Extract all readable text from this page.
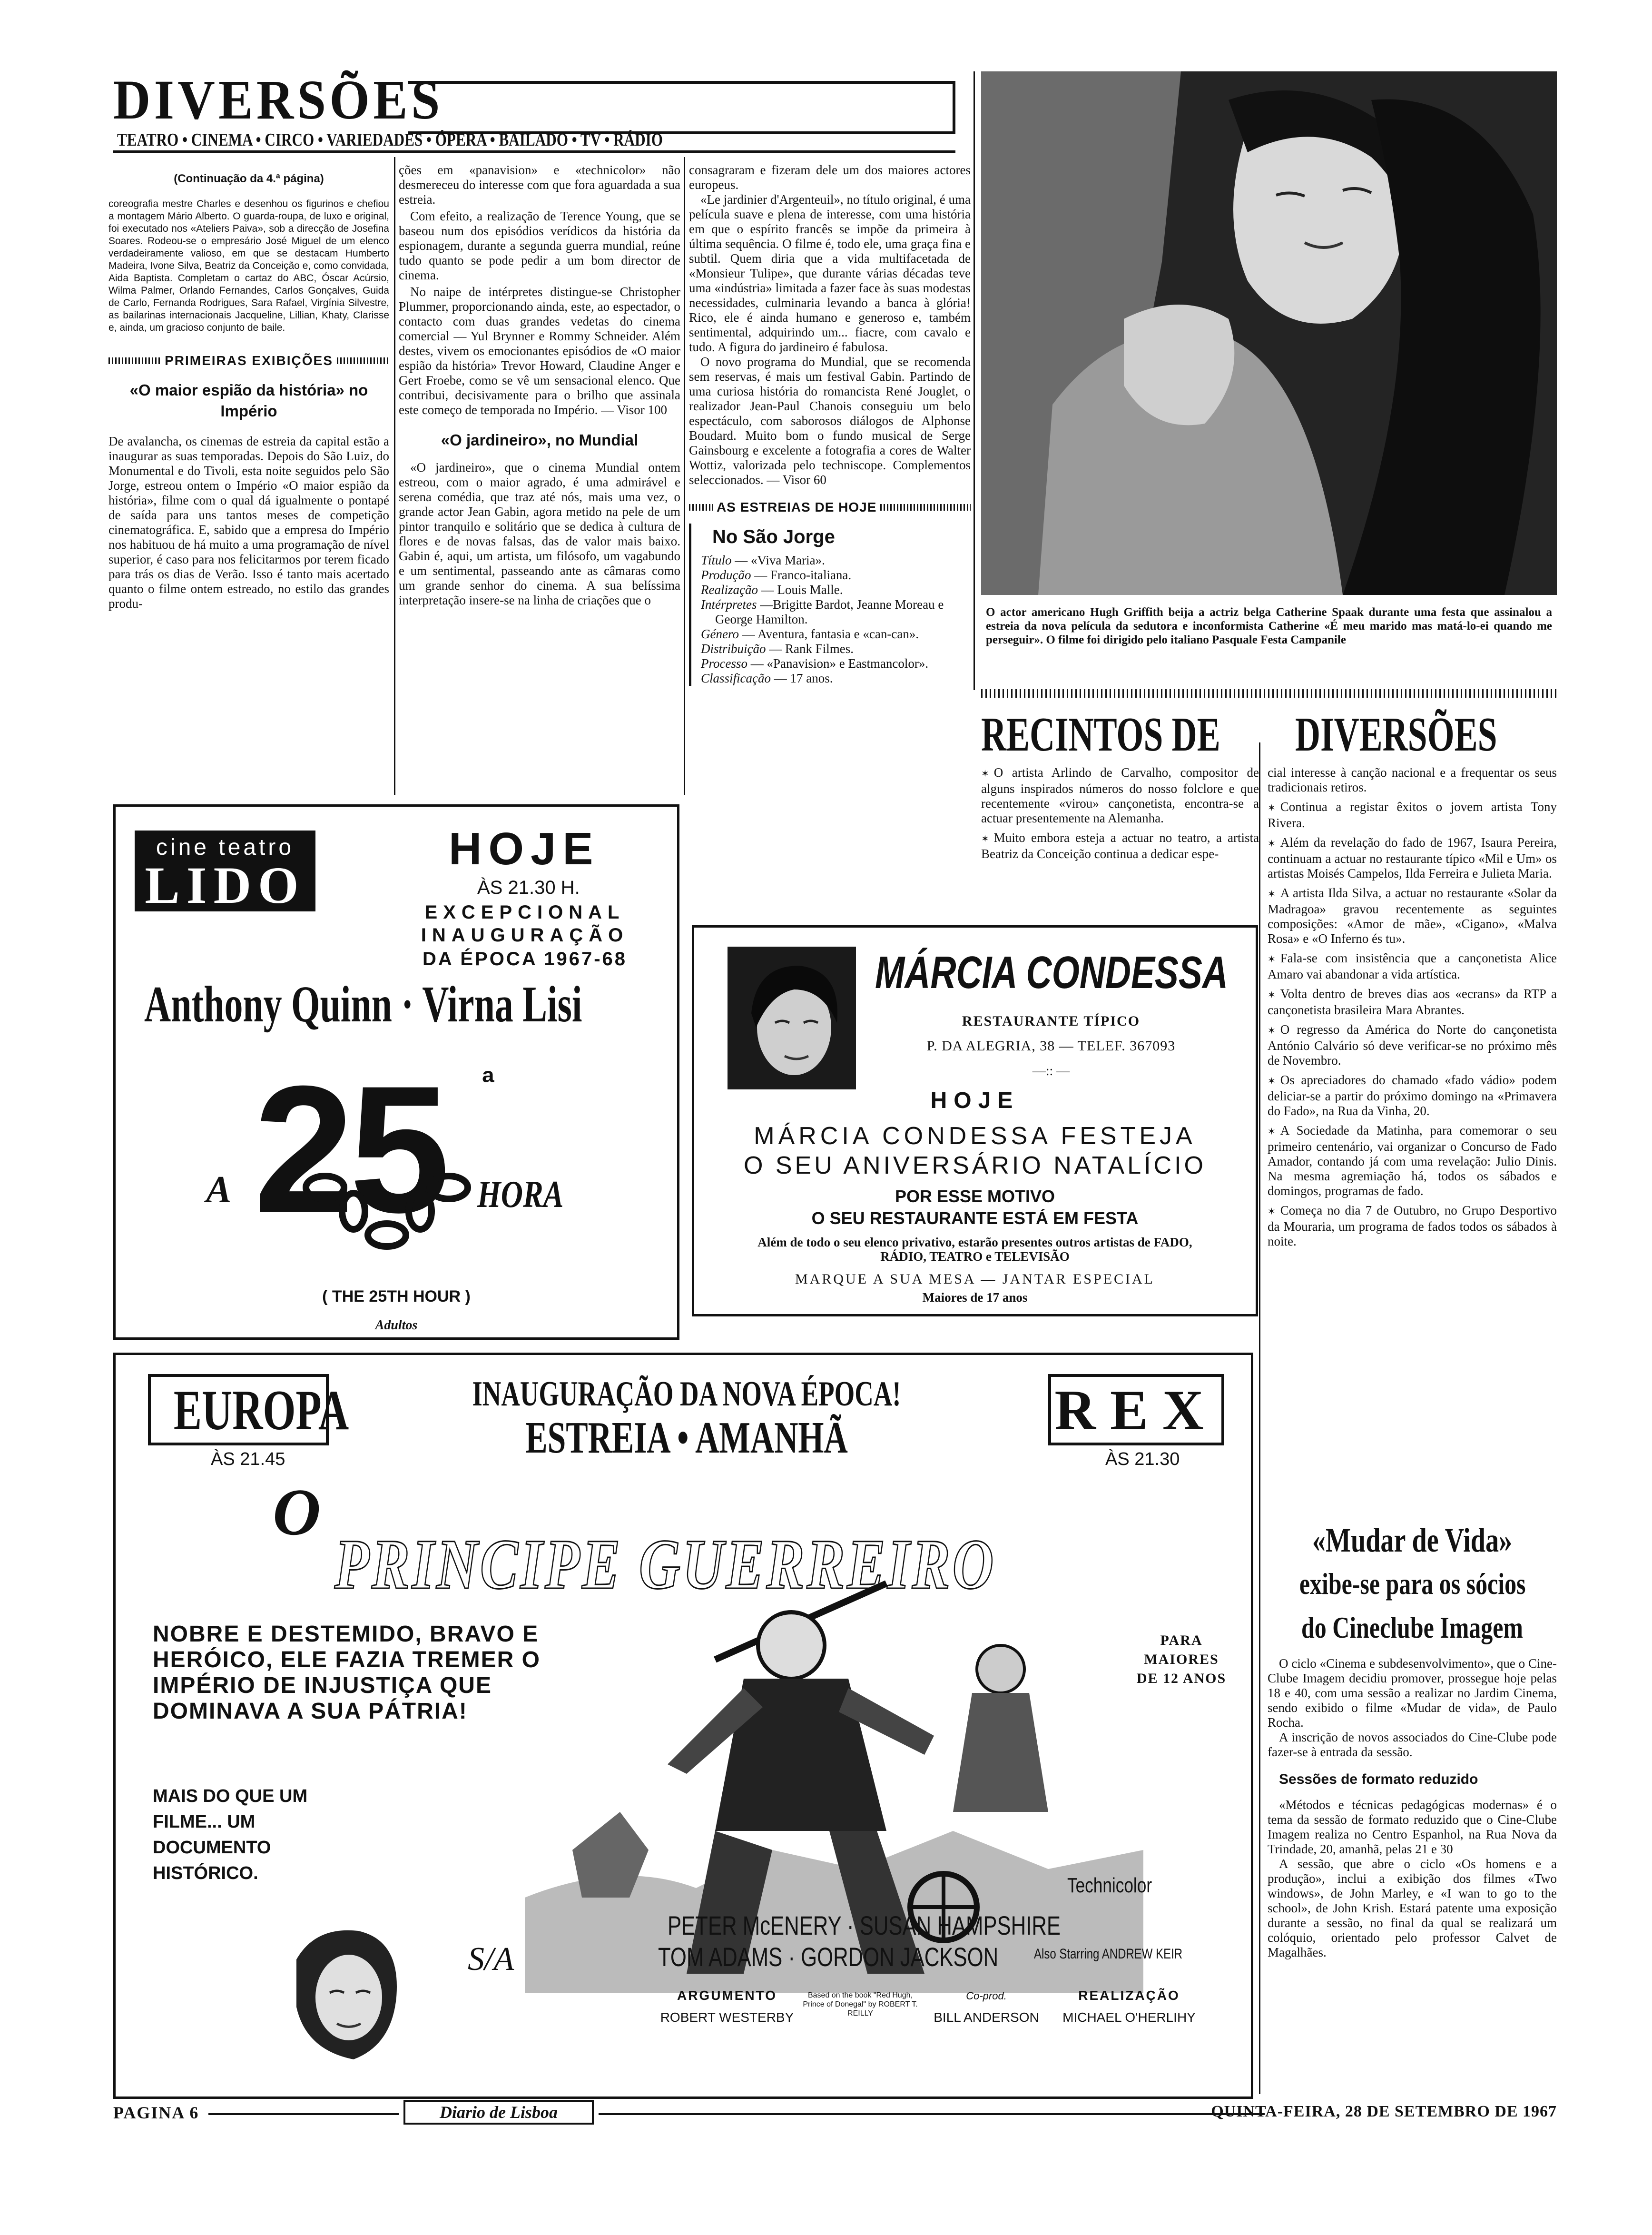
DIVERSÕES
TEATRO • CINEMA • CIRCO • VARIEDADES • ÓPERA • BAILADO • TV • RÁDIO
(Continuação da 4.ª página)
coreografia mestre Charles e desenhou os figurinos e chefiou a montagem Mário Alberto. O guarda-roupa, de luxo e original, foi executado nos «Ateliers Paiva», sob a direcção de Josefina Soares. Rodeou-se o empresário José Miguel de um elenco verdadeiramente valioso, em que se destacam Humberto Madeira, Ivone Silva, Beatriz da Conceição e, como convidada, Aida Baptista. Completam o cartaz do ABC, Óscar Acúrsio, Wilma Palmer, Orlando Fernandes, Carlos Gonçalves, Guida de Carlo, Fernanda Rodrigues, Sara Rafael, Virgínia Silvestre, as bailarinas internacionais Jacqueline, Lillian, Khaty, Clarisse e, ainda, um gracioso conjunto de baile.
PRIMEIRAS EXIBIÇÕES
«O maior espião da história» no Império
De avalancha, os cinemas de estreia da capital estão a inaugurar as suas temporadas. Depois do São Luiz, do Monumental e do Tivoli, esta noite seguidos pelo São Jorge, estreou ontem o Império «O maior espião da história», filme com o qual dá igualmente o pontapé de saída para uns tantos meses de competição cinematográfica. E, sabido que a empresa do Império nos habituou de há muito a uma programação de nível superior, é caso para nos felicitarmos por terem ficado para trás os dias de Verão. Isso é tanto mais acertado quanto o filme ontem estreado, no estilo das grandes produ-
ções em «panavision» e «technicolor» não desmereceu do interesse com que fora aguardada a sua estreia.
Com efeito, a realização de Terence Young, que se baseou num dos episódios verídicos da história da espionagem, durante a segunda guerra mundial, reúne tudo quanto se pode pedir a um bom director de cinema.
No naipe de intérpretes distingue-se Christopher Plummer, proporcionando ainda, este, ao espectador, o contacto com duas grandes vedetas do cinema comercial — Yul Brynner e Rommy Schneider. Além destes, vivem os emocionantes episódios de «O maior espião da história» Trevor Howard, Claudine Anger e Gert Froebe, como se vê um sensacional elenco. Que contribui, decisivamente para o brilho que assinala este começo de temporada no Império. — Visor 100
«O jardineiro», no Mundial
«O jardineiro», que o cinema Mundial ontem estreou, com o maior agrado, é uma admirável e serena comédia, que traz até nós, mais uma vez, o grande actor Jean Gabin, agora metido na pele de um pintor tranquilo e solitário que se dedica à cultura de flores e de novas falsas, das de valor mais baixo. Gabin é, aqui, um artista, um filósofo, um vagabundo e um sentimental, passeando ante as câmaras como um grande senhor do cinema. A sua belíssima interpretação insere-se na linha de criações que o
consagraram e fizeram dele um dos maiores actores europeus.
«Le jardinier d'Argenteuil», no título original, é uma película suave e plena de interesse, com uma história em que o espírito francês se impõe da primeira à última sequência. O filme é, todo ele, uma graça fina e subtil. Quem diria que a vida multifacetada de «Monsieur Tulipe», que durante várias décadas teve uma «indústria» limitada a fazer face às suas modestas necessidades, culminaria levando a banca à glória! Rico, ele é ainda humano e generoso e, também sentimental, adquirindo um... fiacre, com cavalo e tudo. A figura do jardineiro é fabulosa.
O novo programa do Mundial, que se recomenda sem reservas, é mais um festival Gabin. Partindo de uma curiosa história do romancista René Jouglet, o realizador Jean-Paul Chanois conseguiu um belo espectáculo, com saborosos diálogos de Alphonse Boudard. Muito bom o fundo musical de Serge Gainsbourg e excelente a fotografia a cores de Walter Wottiz, valorizada pelo techniscope. Complementos seleccionados. — Visor 60
AS ESTREIAS DE HOJE
No São Jorge
Título — «Viva Maria».
Produção — Franco-italiana.
Realização — Louis Malle.
Intérpretes —Brigitte Bardot, Jeanne Moreau e George Hamilton.
Género — Aventura, fantasia e «can-can».
Distribuição — Rank Filmes.
Processo — «Panavision» e Eastmancolor».
Classificação — 17 anos.
O actor americano Hugh Griffith beija a actriz belga Catherine Spaak durante uma festa que assinalou a estreia da nova película da sedutora e inconformista Catherine «É meu marido mas matá-lo-ei quando me perseguir». O filme foi dirigido pelo italiano Pasquale Festa Campanile
RECINTOS DE DIVERSÕES
✶ O artista Arlindo de Carvalho, compositor de alguns inspirados números do nosso folclore e que recentemente «virou» cançonetista, encontra-se a actuar presentemente na Alemanha.
✶ Muito embora esteja a actuar no teatro, a artista Beatriz da Conceição continua a dedicar espe-
cial interesse à canção nacional e a frequentar os seus tradicionais retiros.
✶ Continua a registar êxitos o jovem artista Tony Rivera.
✶ Além da revelação do fado de 1967, Isaura Pereira, continuam a actuar no restaurante típico «Mil e Um» os artistas Moisés Campelos, Ilda Ferreira e Julieta Maria.
✶ A artista Ilda Silva, a actuar no restaurante «Solar da Madragoa» gravou recentemente as seguintes composições: «Amor de mãe», «Cigano», «Malva Rosa» e «O Inferno és tu».
✶ Fala-se com insistência que a cançonetista Alice Amaro vai abandonar a vida artística.
✶ Volta dentro de breves dias aos «ecrans» da RTP a cançonetista brasileira Mara Abrantes.
✶ O regresso da América do Norte do cançonetista António Calvário só deve verificar-se no próximo mês de Novembro.
✶ Os apreciadores do chamado «fado vádio» podem deliciar-se a partir do próximo domingo na «Primavera do Fado», na Rua da Vinha, 20.
✶ A Sociedade da Matinha, para comemorar o seu primeiro centenário, vai organizar o Concurso de Fado Amador, contando já com uma revelação: Julio Dinis. Na mesma agremiação há, todos os sábados e domingos, programas de fado.
✶ Começa no dia 7 de Outubro, no Grupo Desportivo da Mouraria, um programa de fados todos os sábados à noite.
cine teatro
LIDO
HOJE
ÀS 21.30 H.
EXCEPCIONAL
INAUGURAÇÃO
DA ÉPOCA 1967-68
Anthony Quinn · Virna Lisi
A 25 ª
HORA
( THE 25TH HOUR )
Adultos
MÁRCIA CONDESSA
RESTAURANTE TÍPICO
P. DA ALEGRIA, 38 — TELEF. 367093
—:: —
HOJE
MÁRCIA CONDESSA FESTEJA
O SEU ANIVERSÁRIO NATALÍCIO
POR ESSE MOTIVO
O SEU RESTAURANTE ESTÁ EM FESTA
Além de todo o seu elenco privativo, estarão presentes outros artistas de FADO, RÁDIO, TEATRO e TELEVISÃO
MARQUE A SUA MESA — JANTAR ESPECIAL
Maiores de 17 anos
EUROPA
ÀS 21.45
REX
ÀS 21.30
INAUGURAÇÃO DA NOVA ÉPOCA!
ESTREIA • AMANHÃ
O
PRINCIPE GUERREIRO
NOBRE E DESTEMIDO, BRAVO E HERÓICO, ELE FAZIA TREMER O IMPÉRIO DE INJUSTIÇA QUE DOMINAVA A SUA PÁTRIA!
PARA MAIORES DE 12 ANOS
MAIS DO QUE UM FILME... UM DOCUMENTO HISTÓRICO.
Technicolor
PETER McENERY · SUSAN HAMPSHIRE
TOM ADAMS · GORDON JACKSON Also Starring ANDREW KEIR
ARGUMENTO
ROBERT WESTERBY
Based on the book "Red Hugh, Prince of Donegal" by ROBERT T. REILLY
Co-prod.
BILL ANDERSON
REALIZAÇÃO
MICHAEL O'HERLIHY
S/A
«Mudar de Vida»
exibe-se para os sócios
do Cineclube Imagem
O ciclo «Cinema e subdesenvolvimento», que o Cine-Clube Imagem decidiu promover, prossegue hoje pelas 18 e 40, com uma sessão a realizar no Jardim Cinema, sendo exibido o filme «Mudar de vida», de Paulo Rocha.
A inscrição de novos associados do Cine-Clube pode fazer-se à entrada da sessão.
Sessões de formato reduzido
«Métodos e técnicas pedagógicas modernas» é o tema da sessão de formato reduzido que o Cine-Clube Imagem realiza no Centro Espanhol, na Rua Nova da Trindade, 20, amanhã, pelas 21 e 30
A sessão, que abre o ciclo «Os homens e a produção», inclui a exibição dos filmes «Two windows», de John Marley, e «I wan to go to the school», de John Krish. Estará patente uma exposição durante a sessão, no final da qual se realizará um colóquio, orientado pelo professor Calvet de Magalhães.
PAGINA 6	Diario de Lisboa	QUINTA-FEIRA, 28 DE SETEMBRO DE 1967
